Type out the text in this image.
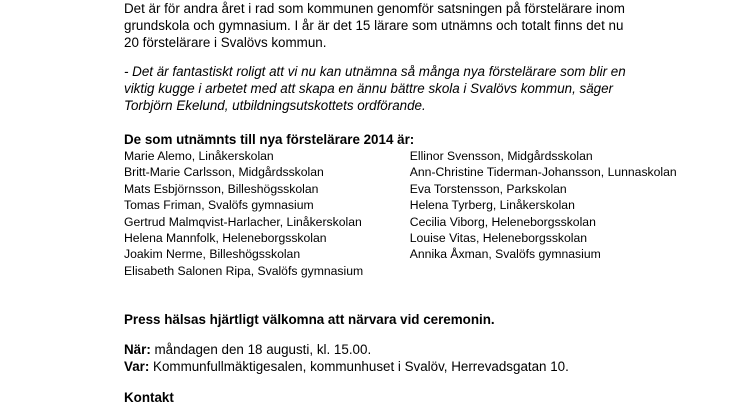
Det är för andra året i rad som kommunen genomför satsningen på förstelärare inom
grundskola och gymnasium. I år är det 15 lärare som utnämns och totalt finns det nu
20 förstelärare i Svalövs kommun.

- Det är fantastiskt roligt att vi nu kan utnämna så många nya förstelärare som blir en
viktig kugge i arbetet med att skapa en ännu bättre skola i Svalövs kommun, säger
Torbjörn Ekelund, utbildningsutskottets ordförande.

De som utnämnts till nya förstelärare 2014 är:
Marie Alemo, Linåkerskolan
Britt-Marie Carlsson, Midgårdsskolan
Mats Esbjörnsson, Billeshögsskolan
Tomas Friman, Svalöfs gymnasium
Gertrud Malmqvist-Harlacher, Linåkerskolan
Helena Mannfolk, Heleneborgsskolan
Joakim Nerme, Billeshögsskolan
Elisabeth Salonen Ripa, Svalöfs gymnasium
Ellinor Svensson, Midgårdsskolan
Ann-Christine Tiderman-Johansson, Lunnaskolan
Eva Torstensson, Parkskolan
Helena Tyrberg, Linåkerskolan
Cecilia Viborg, Heleneborgsskolan
Louise Vitas, Heleneborgsskolan
Annika Åxman, Svalöfs gymnasium
Press hälsas hjärtligt välkomna att närvara vid ceremonin.
När: måndagen den 18 augusti, kl. 15.00.
Var: Kommunfullmäktigesalen, kommunhuset i Svalöv, Herrevadsgatan 10.
Kontakt
